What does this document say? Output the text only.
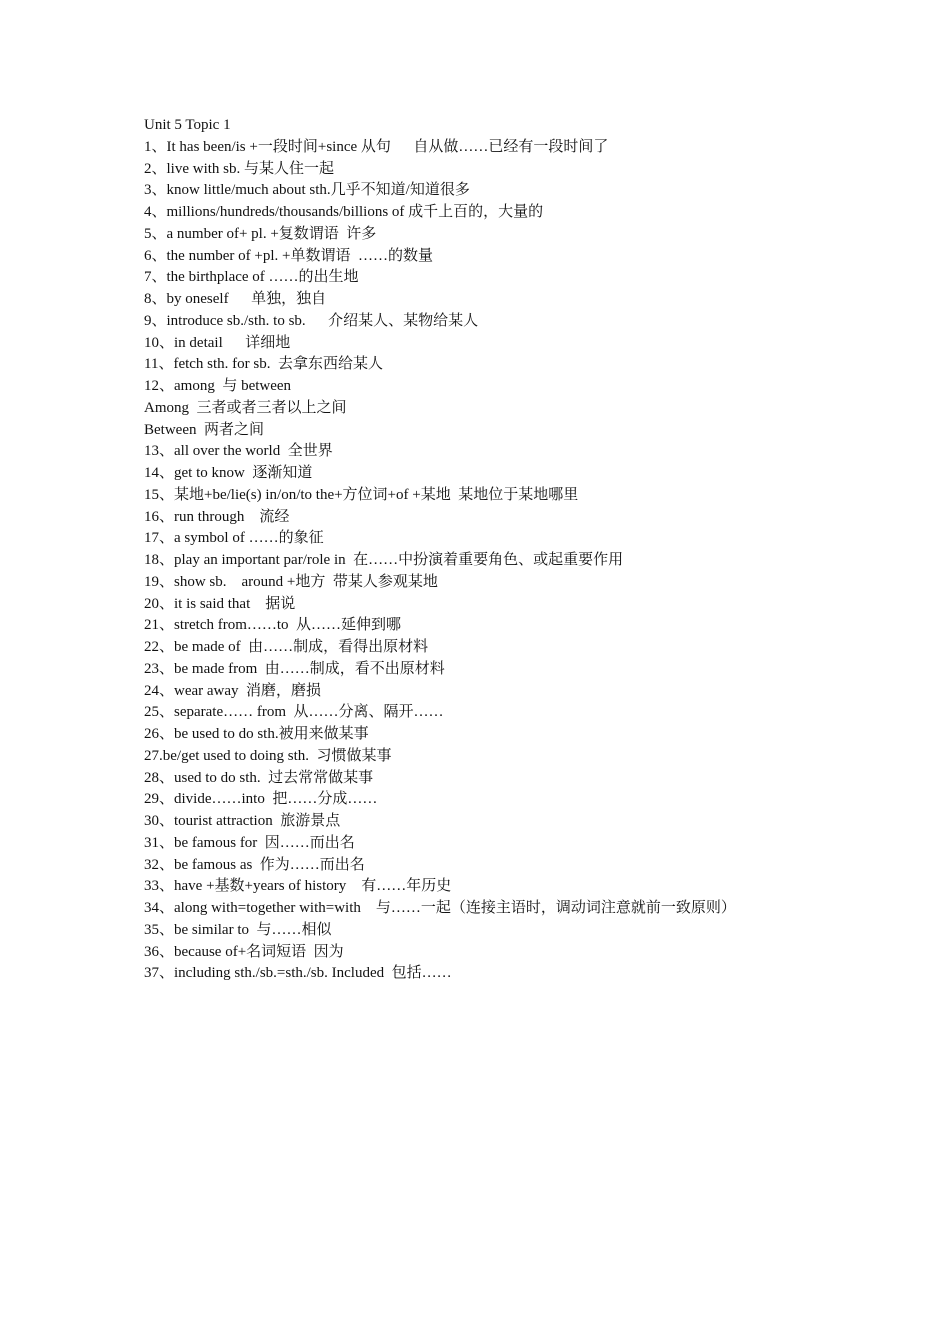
Unit 5 Topic 1
1、It has been/is +一段时间+since 从句      自从做……已经有一段时间了
2、live with sb. 与某人住一起
3、know little/much about sth.几乎不知道/知道很多
4、millions/hundreds/thousands/billions of 成千上百的，大量的
5、a number of+ pl. +复数谓语  许多
6、the number of +pl. +单数谓语  ……的数量
7、the birthplace of ……的出生地
8、by oneself      单独，独自
9、introduce sb./sth. to sb.      介绍某人、某物给某人
10、in detail      详细地
11、fetch sth. for sb.  去拿东西给某人
12、among  与 between
Among  三者或者三者以上之间
Between  两者之间
13、all over the world  全世界
14、get to know  逐渐知道
15、某地+be/lie(s) in/on/to the+方位词+of +某地  某地位于某地哪里
16、run through    流经
17、a symbol of ……的象征
18、play an important par/role in  在……中扮演着重要角色、或起重要作用
19、show sb.    around +地方  带某人参观某地
20、it is said that    据说
21、stretch from……to  从……延伸到哪
22、be made of  由……制成，看得出原材料
23、be made from  由……制成，看不出原材料
24、wear away  消磨，磨损
25、separate…… from  从……分离、隔开……
26、be used to do sth.被用来做某事
27.be/get used to doing sth.  习惯做某事
28、used to do sth.  过去常常做某事
29、divide……into  把……分成……
30、tourist attraction  旅游景点
31、be famous for  因……而出名
32、be famous as  作为……而出名
33、have +基数+years of history    有……年历史
34、along with=together with=with    与……一起（连接主语时，调动词注意就前一致原则）
35、be similar to  与……相似
36、because of+名词短语  因为
37、including sth./sb.=sth./sb. Included  包括……
